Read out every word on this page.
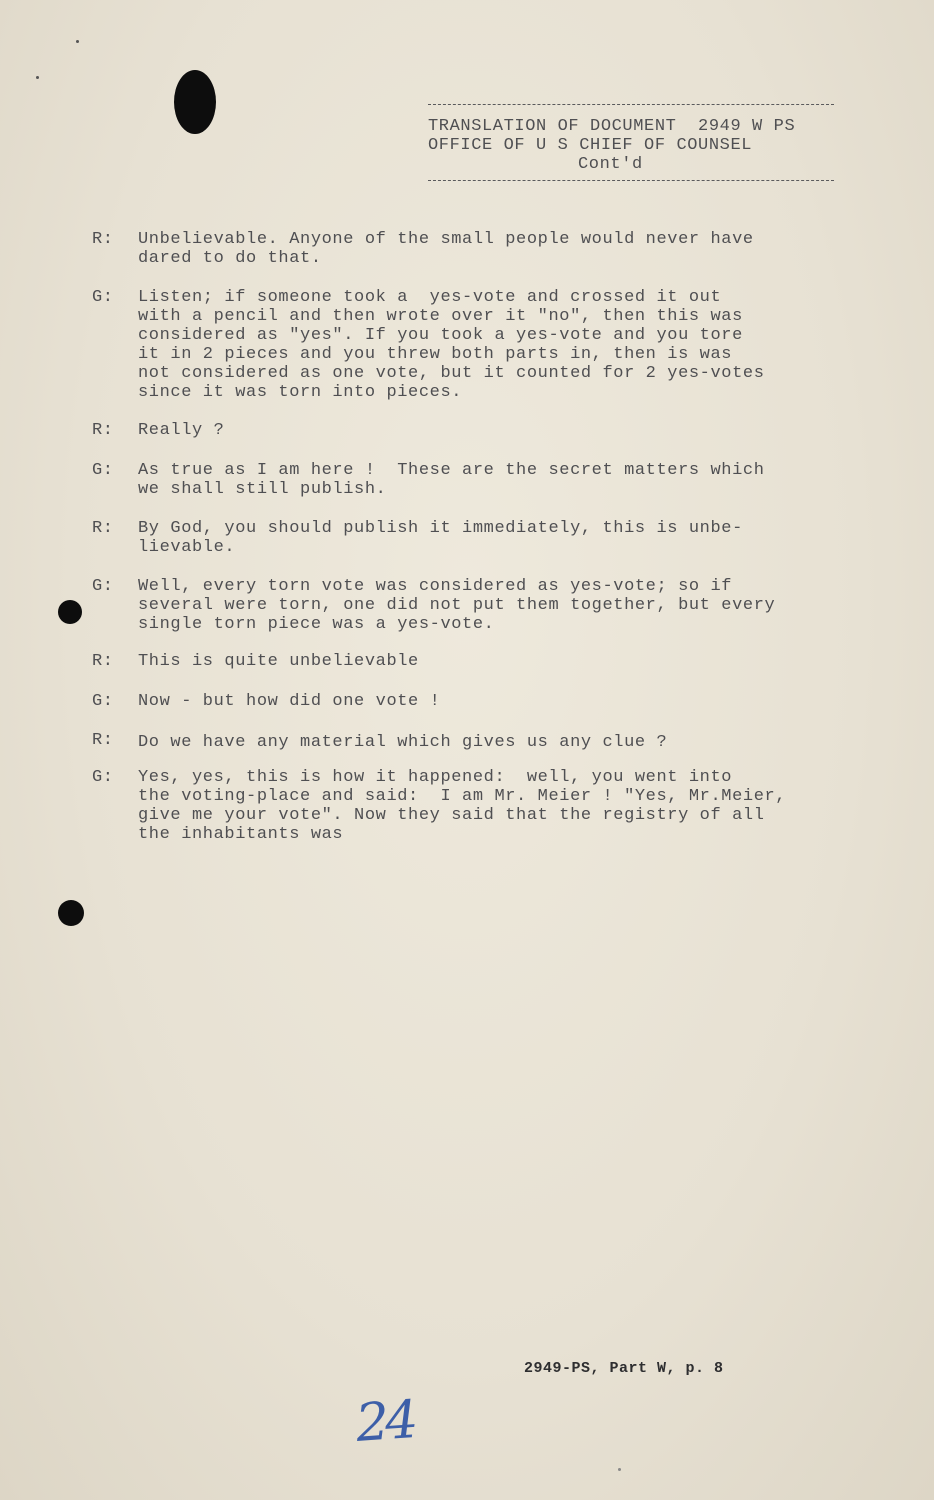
TRANSLATION OF DOCUMENT  2949 W PS
OFFICE OF U S CHIEF OF COUNSEL
Cont'd
R: Unbelievable. Anyone of the small people would never have
dared to do that.
G: Listen; if someone took a  yes-vote and crossed it out
with a pencil and then wrote over it "no", then this was
considered as "yes". If you took a yes-vote and you tore
it in 2 pieces and you threw both parts in, then is was
not considered as one vote, but it counted for 2 yes-votes
since it was torn into pieces.
R: Really ?
G: As true as I am here !  These are the secret matters which
we shall still publish.
R: By God, you should publish it immediately, this is unbe-
lievable.
G: Well, every torn vote was considered as yes-vote; so if
several were torn, one did not put them together, but every
single torn piece was a yes-vote.
R: This is quite unbelievable
G: Now - but how did one vote !
R: Do we have any material which gives us any clue ?
G: Yes, yes, this is how it happened:  well, you went into
the voting-place and said:  I am Mr. Meier ! "Yes, Mr.Meier,
give me your vote". Now they said that the registry of all
the inhabitants was
2949-PS, Part W, p. 8
24
